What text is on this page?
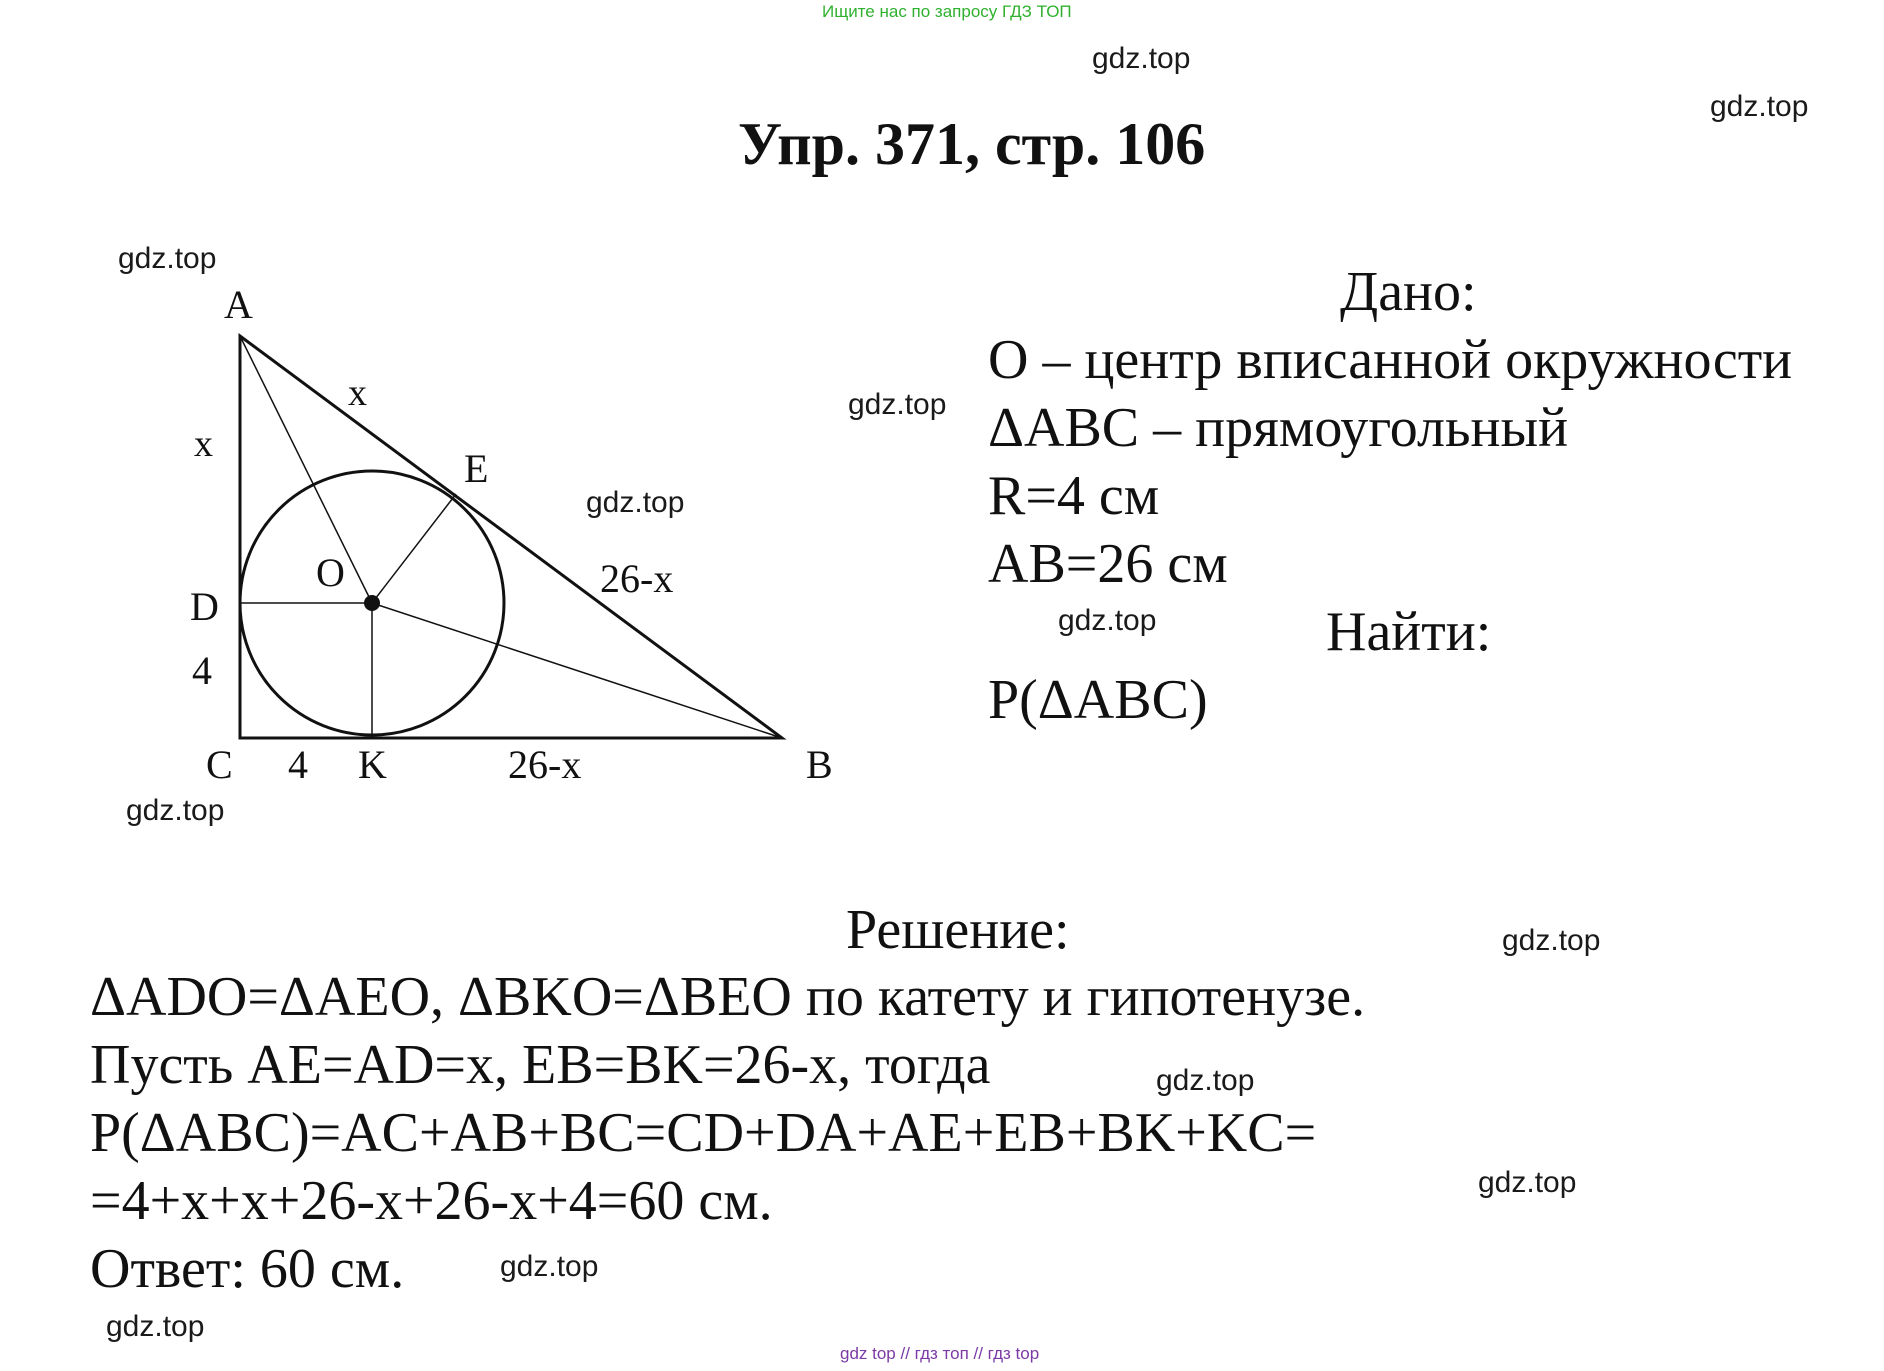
Ищите нас по запросу ГДЗ ТОП
Упр. 371, стр. 106
A
B
C
D
E
O
K
x
x
26-x
4
4	26-x
Дано:
O – центр вписанной окружности
ΔABC – прямоугольный
R=4 см
AB=26 см
Найти:
P(ΔABC)
Решение:
ΔADO=ΔAEO, ΔBKO=ΔBEO по катету и гипотенузе.
Пусть AE=AD=x, EB=BK=26-x, тогда
P(ΔABC)=AC+AB+BC=CD+DA+AE+EB+BK+KC=
=4+x+x+26-x+26-x+4=60 см.
Ответ: 60 см.
gdz.top
gdz.top
gdz.top
gdz.top
gdz.top
gdz.top
gdz.top
gdz.top
gdz.top
gdz.top
gdz.top
gdz.top
gdz top // гдз топ // гдз top
